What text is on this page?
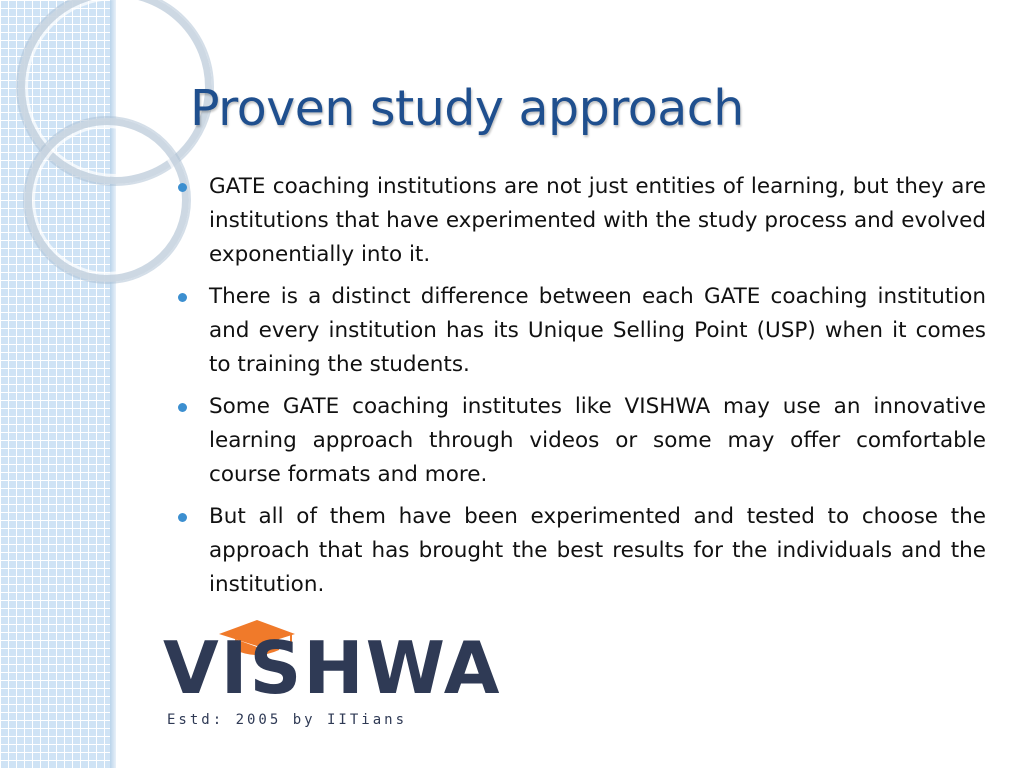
Proven study approach
GATE coaching institutions are not just entities of learning, but they are institutions that have experimented with the study process and evolved exponentially into it.
There is a distinct difference between each GATE coaching institution and every institution has its Unique Selling Point (USP) when it comes to training the students.
Some GATE coaching institutes like VISHWA may use an innovative learning approach through videos or some may offer comfortable course formats and more.
But all of them have been experimented and tested to choose the approach that has brought the best results for the individuals and the institution.
VISHWA
Estd: 2005 by IITians
